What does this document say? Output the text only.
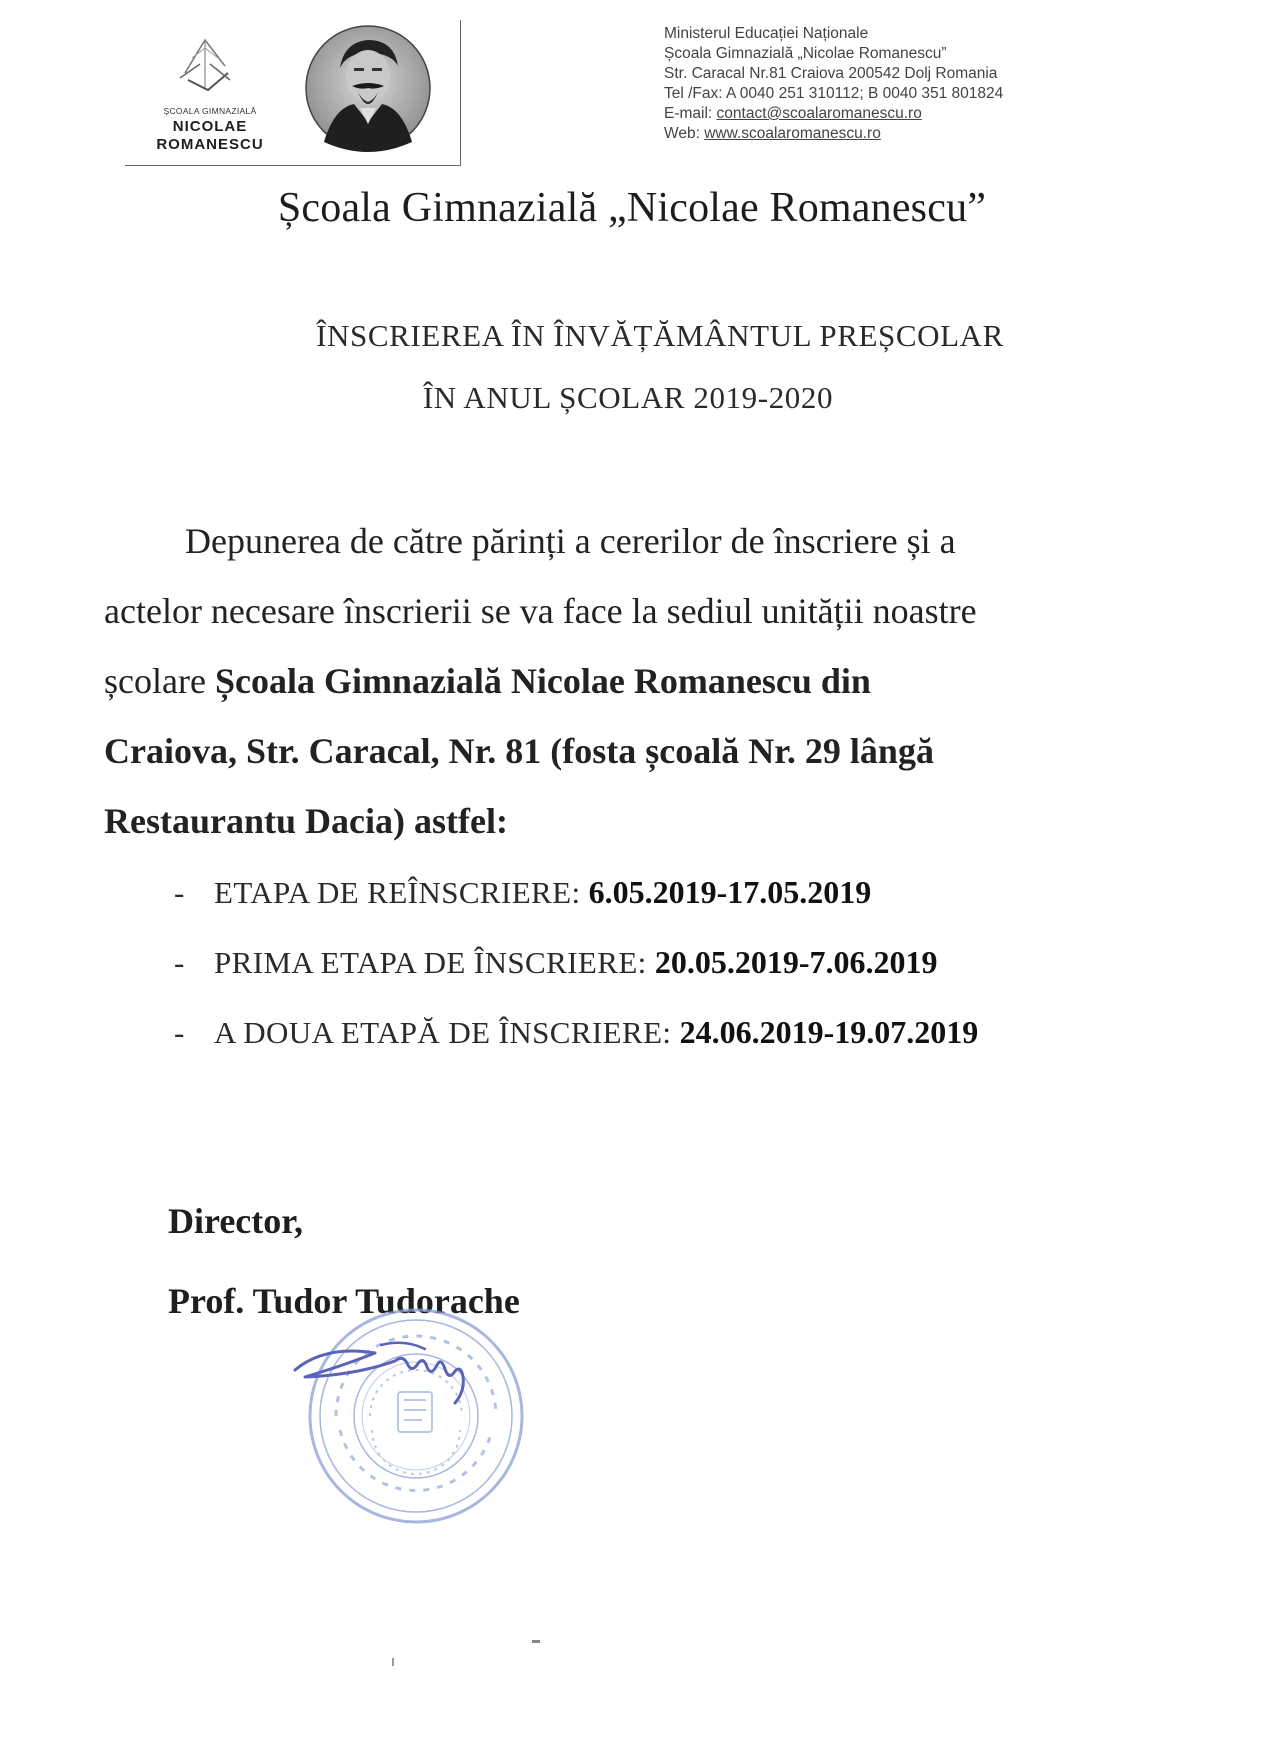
ȘCOALA GIMNAZIALĂ
NICOLAE
ROMANESCU
Ministerul Educației Naționale
Școala Gimnazială „Nicolae Romanescu”
Str. Caracal Nr.81 Craiova 200542 Dolj Romania
Tel /Fax: A 0040 251 310112; B 0040 351 801824
E-mail: contact@scoalaromanescu.ro
Web: www.scoalaromanescu.ro
Școala Gimnazială „Nicolae Romanescu”
ÎNSCRIEREA ÎN ÎNVĂȚĂMÂNTUL PREȘCOLAR
ÎN ANUL ȘCOLAR 2019-2020
Depunerea de către părinți a cererilor de înscriere și a
actelor necesare înscrierii se va face la sediul unității noastre
școlare Școala Gimnazială Nicolae Romanescu din
Craiova, Str. Caracal, Nr. 81 (fosta școală Nr. 29 lângă
Restaurantu Dacia) astfel:
- ETAPA DE REÎNSCRIERE: 6.05.2019-17.05.2019
- PRIMA ETAPA DE ÎNSCRIERE: 20.05.2019-7.06.2019
- A DOUA ETAPĂ DE ÎNSCRIERE: 24.06.2019-19.07.2019
Director,
Prof. Tudor Tudorache
